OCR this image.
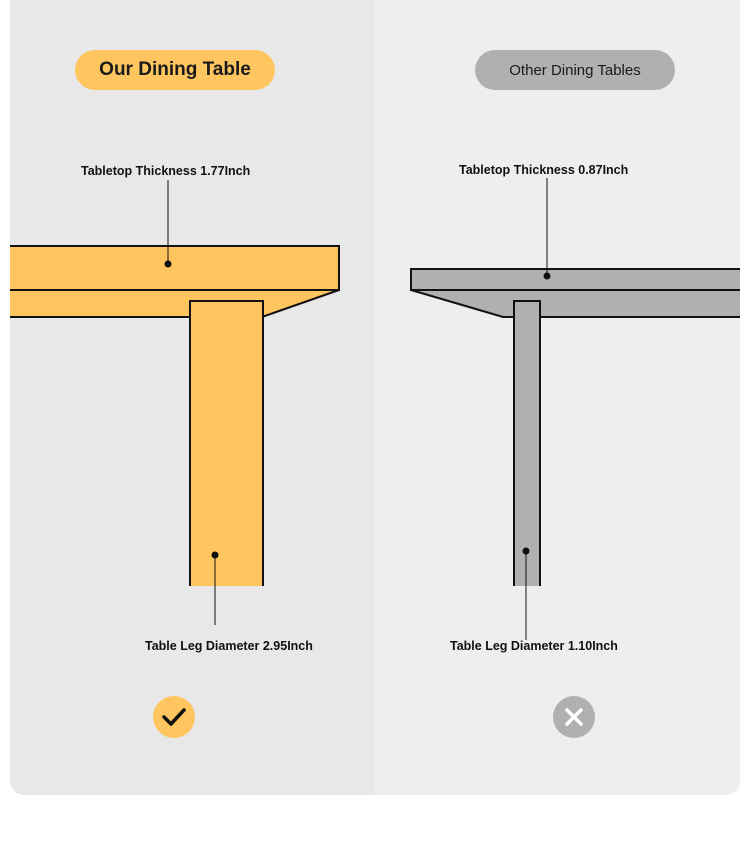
Our Dining Table	Other Dining Tables
Tabletop Thickness 1.77Inch	Tabletop Thickness 0.87Inch
Table Leg Diameter 2.95Inch	Table Leg Diameter 1.10Inch
